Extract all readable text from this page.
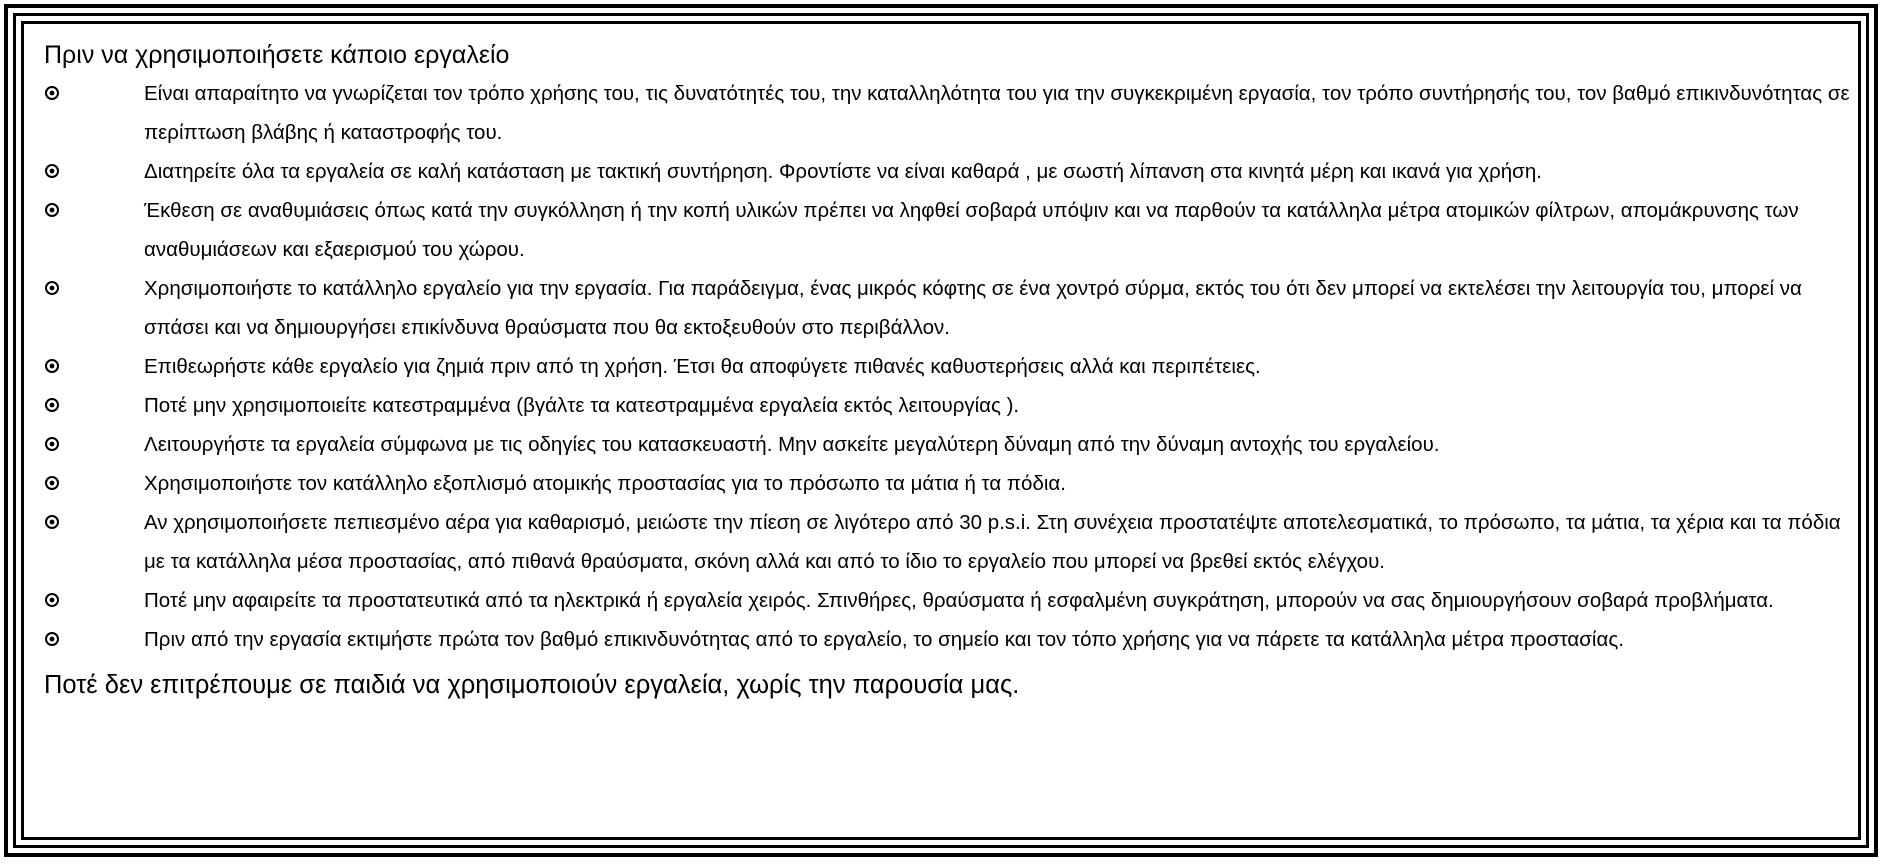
Πριν να χρησιμοποιήσετε κάποιο εργαλείο
Είναι απαραίτητο να γνωρίζεται τον τρόπο χρήσης του, τις δυνατότητές του, την καταλληλότητα του για την συγκεκριμένη εργασία, τον τρόπο συντήρησής του, τον βαθμό επικινδυνότητας σε περίπτωση βλάβης ή καταστροφής του.
Διατηρείτε όλα τα εργαλεία σε καλή κατάσταση με τακτική συντήρηση. Φροντίστε να είναι καθαρά , με σωστή λίπανση στα κινητά μέρη και ικανά για χρήση.
Έκθεση σε αναθυμιάσεις όπως κατά την συγκόλληση ή την κοπή υλικών πρέπει να ληφθεί σοβαρά υπόψιν και να παρθούν τα κατάλληλα μέτρα ατομικών φίλτρων, απομάκρυνσης των αναθυμιάσεων και εξαερισμού του χώρου.
Χρησιμοποιήστε το κατάλληλο εργαλείο για την εργασία. Για παράδειγμα, ένας μικρός κόφτης σε ένα χοντρό σύρμα, εκτός του ότι δεν μπορεί να εκτελέσει την λειτουργία του, μπορεί να σπάσει και να δημιουργήσει επικίνδυνα θραύσματα που θα εκτοξευθούν στο περιβάλλον.
Επιθεωρήστε κάθε εργαλείο για ζημιά πριν από τη χρήση. Έτσι θα αποφύγετε πιθανές καθυστερήσεις αλλά και περιπέτειες.
Ποτέ μην χρησιμοποιείτε κατεστραμμένα (βγάλτε τα κατεστραμμένα εργαλεία εκτός λειτουργίας ).
Λειτουργήστε τα εργαλεία σύμφωνα με τις οδηγίες του κατασκευαστή. Μην ασκείτε μεγαλύτερη δύναμη από την δύναμη αντοχής του εργαλείου.
Χρησιμοποιήστε τον κατάλληλο εξοπλισμό ατομικής προστασίας για το πρόσωπο τα μάτια ή τα πόδια.
Αν χρησιμοποιήσετε πεπιεσμένο αέρα για καθαρισμό, μειώστε την πίεση σε λιγότερο από 30 p.s.i. Στη συνέχεια προστατέψτε αποτελεσματικά, το πρόσωπο, τα μάτια, τα χέρια και τα πόδια με τα κατάλληλα μέσα προστασίας, από πιθανά θραύσματα, σκόνη αλλά και από το ίδιο το εργαλείο που μπορεί να βρεθεί εκτός ελέγχου.
Ποτέ μην αφαιρείτε τα προστατευτικά από τα ηλεκτρικά ή εργαλεία χειρός. Σπινθήρες, θραύσματα ή εσφαλμένη συγκράτηση, μπορούν να σας δημιουργήσουν σοβαρά προβλήματα.
Πριν από την εργασία εκτιμήστε πρώτα τον βαθμό επικινδυνότητας από το εργαλείο, το σημείο και τον τόπο χρήσης για να πάρετε τα κατάλληλα μέτρα προστασίας.
Ποτέ δεν επιτρέπουμε σε παιδιά να χρησιμοποιούν εργαλεία, χωρίς την παρουσία μας.
